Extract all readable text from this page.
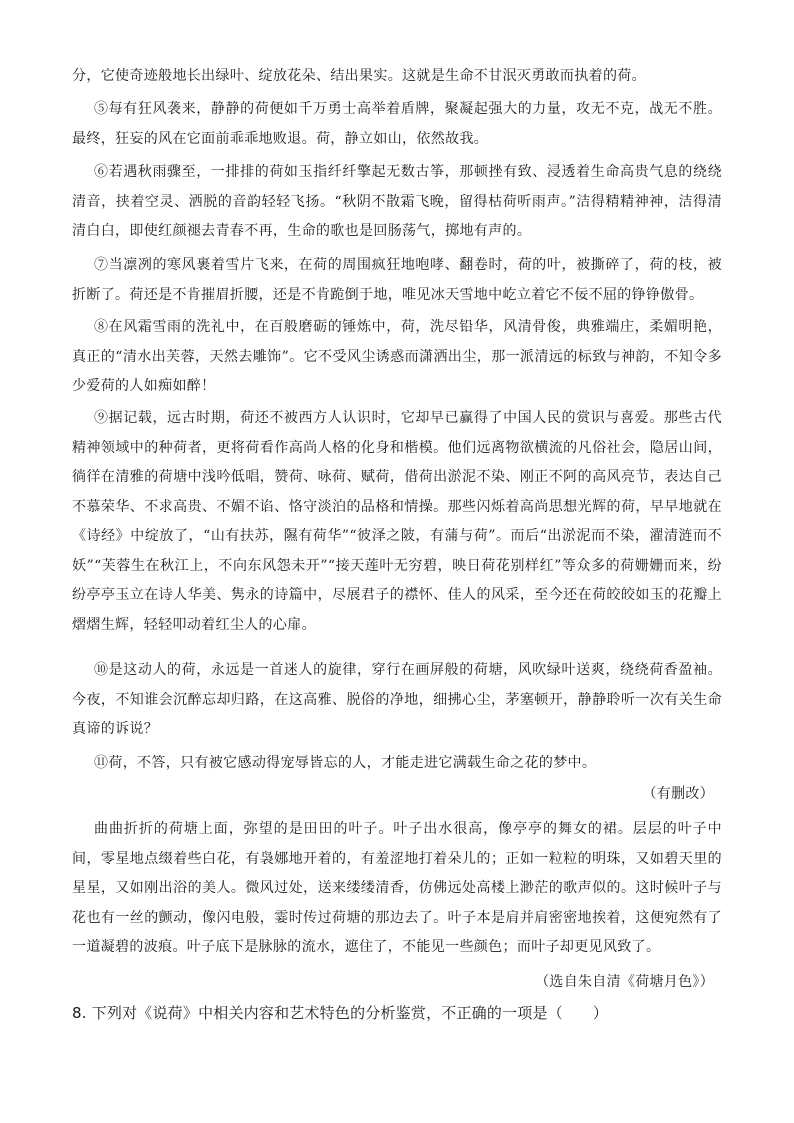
分，它使奇迹般地长出绿叶、绽放花朵、结出果实。这就是生命不甘泯灭勇敢而执着的荷。

⑤每有狂风袭来，静静的荷便如千万勇士高举着盾牌，聚凝起强大的力量，攻无不克，战无不胜。最终，狂妄的风在它面前乖乖地败退。荷，静立如山，依然故我。

⑥若遇秋雨骤至，一排排的荷如玉指纤纤擎起无数古筝，那顿挫有致、浸透着生命高贵气息的绕绕清音，挟着空灵、洒脱的音韵轻轻飞扬。“秋阴不散霜飞晚，留得枯荷听雨声。”洁得精精神神，洁得清清白白，即使红颜褪去青春不再，生命的歌也是回肠荡气，掷地有声的。

⑦当凛冽的寒风裹着雪片飞来，在荷的周围疯狂地咆哮、翻卷时，荷的叶，被撕碎了，荷的枝，被折断了。荷还是不肯摧眉折腰，还是不肯跪倒于地，唯见冰天雪地中屹立着它不佞不屈的铮铮傲骨。

⑧在风霜雪雨的洗礼中，在百般磨砺的锤炼中，荷，洗尽铅华，风清骨俊，典雅端庄，柔媚明艳，真正的“清水出芙蓉，天然去雕饰”。它不受风尘诱惑而潇洒出尘，那一派清远的标致与神韵，不知令多少爱荷的人如痴如醉！

⑨据记载，远古时期，荷还不被西方人认识时，它却早已赢得了中国人民的赏识与喜爱。那些古代精神领域中的种荷者，更将荷看作高尚人格的化身和楷模。他们远离物欲横流的凡俗社会，隐居山间，徜徉在清雅的荷塘中浅吟低唱，赞荷、咏荷、赋荷，借荷出淤泥不染、刚正不阿的高风亮节，表达自己不慕荣华、不求高贵、不媚不谄、恪守淡泊的品格和情操。那些闪烁着高尚思想光辉的荷，早早地就在《诗经》中绽放了，“山有扶苏，隰有荷华”“彼泽之陂，有蒲与荷”。而后“出淤泥而不染，濯清涟而不妖”“芙蓉生在秋江上，不向东风怨未开”“接天莲叶无穷碧，映日荷花别样红”等众多的荷姗姗而来，纷纷亭亭玉立在诗人华美、隽永的诗篇中，尽展君子的襟怀、佳人的风采，至今还在荷皎皎如玉的花瓣上熠熠生辉，轻轻叩动着红尘人的心扉。

⑩是这动人的荷，永远是一首迷人的旋律，穿行在画屏般的荷塘，风吹绿叶送爽，绕绕荷香盈袖。今夜，不知谁会沉醉忘却归路，在这高雅、脱俗的净地，细拂心尘，茅塞顿开，静静聆听一次有关生命真谛的诉说？

⑪荷，不答，只有被它感动得宠辱皆忘的人，才能走进它满载生命之花的梦中。

（有删改）

曲曲折折的荷塘上面，弥望的是田田的叶子。叶子出水很高，像亭亭的舞女的裙。层层的叶子中间，零星地点缀着些白花，有袅娜地开着的，有羞涩地打着朵儿的；正如一粒粒的明珠，又如碧天里的星星，又如刚出浴的美人。微风过处，送来缕缕清香，仿佛远处高楼上渺茫的歌声似的。这时候叶子与花也有一丝的颤动，像闪电般，霎时传过荷塘的那边去了。叶子本是肩并肩密密地挨着，这便宛然有了一道凝碧的波痕。叶子底下是脉脉的流水，遮住了，不能见一些颜色；而叶子却更见风致了。

（选自朱自清《荷塘月色》）

8. 下列对《说荷》中相关内容和艺术特色的分析鉴赏，不正确的一项是（ ）
